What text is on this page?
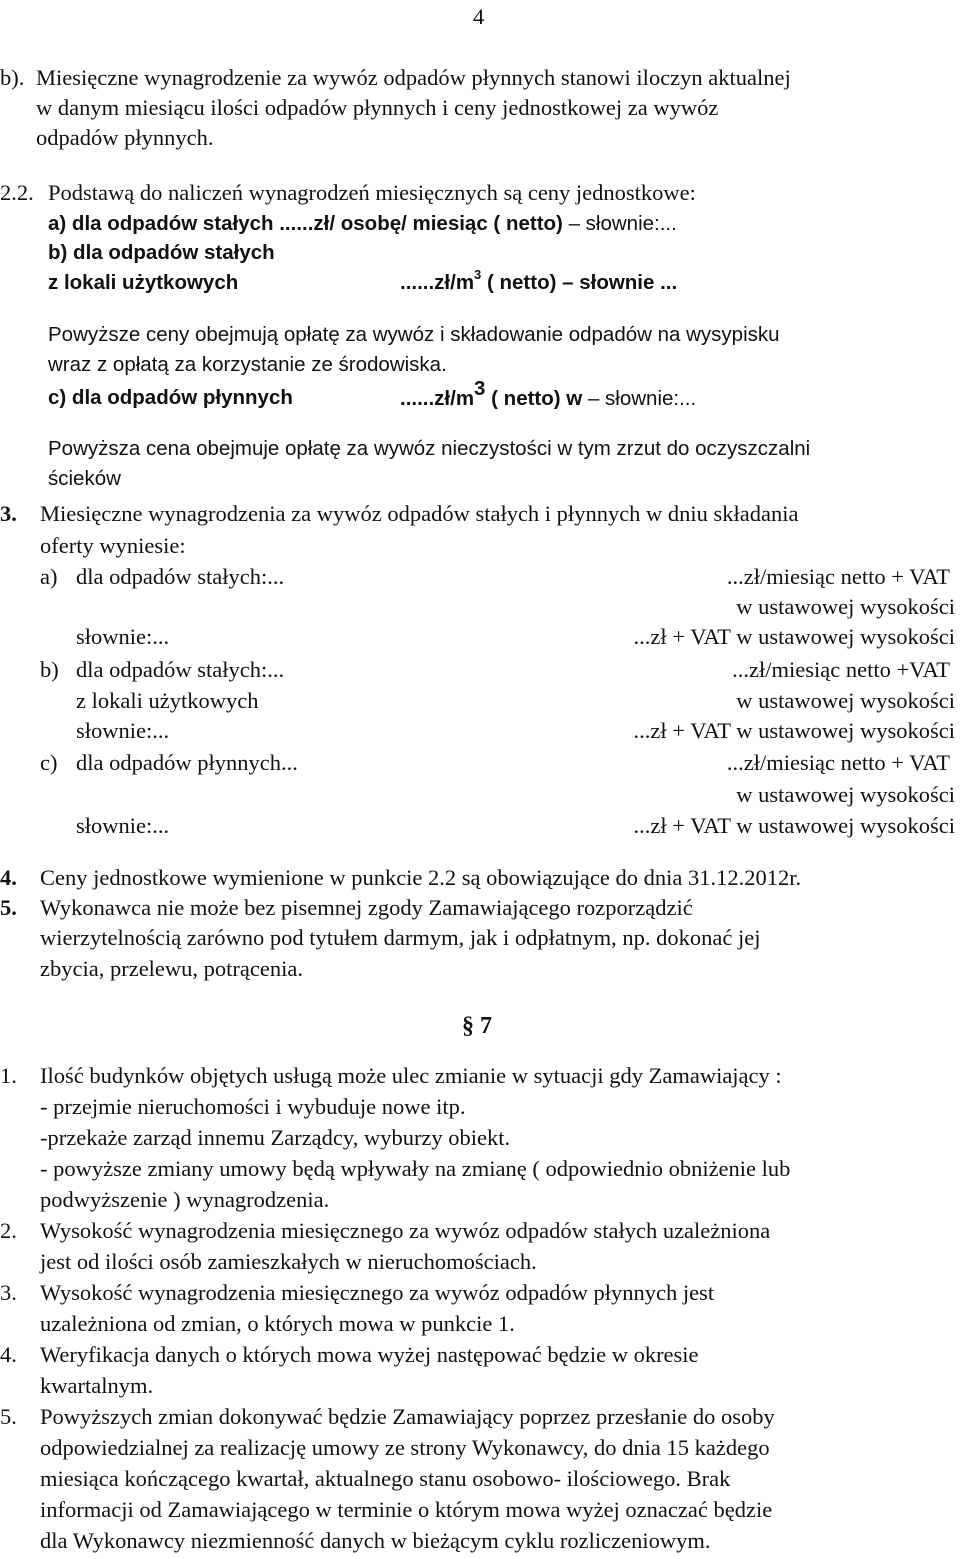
4
b). Miesięczne wynagrodzenie za wywóz odpadów płynnych stanowi iloczyn aktualnej
w danym miesiącu ilości odpadów płynnych i ceny jednostkowej za wywóz
odpadów płynnych.
2.2. Podstawą do naliczeń wynagrodzeń miesięcznych są ceny jednostkowe:
a) dla odpadów stałych ......zł/ osobę/ miesiąc ( netto) – słownie:...
b) dla odpadów stałych
z lokali użytkowych	$......zł/m^3$ ( netto) – słownie ...
Powyższe ceny obejmują opłatę za wywóz i składowanie odpadów na wysypisku
wraz z opłatą za korzystanie ze środowiska.
c) dla odpadów płynnych	$......zł/m^3$ ( netto) w – słownie:...
Powyższa cena obejmuje opłatę za wywóz nieczystości w tym zrzut do oczyszczalni
ścieków
3. Miesięczne wynagrodzenia za wywóz odpadów stałych i płynnych w dniu składania
oferty wyniesie:
a) dla odpadów stałych:...	...zł/miesiąc netto + VAT
w ustawowej wysokości
słownie:...	...zł + VAT w ustawowej wysokości
b) dla odpadów stałych:...	...zł/miesiąc netto +VAT
z lokali użytkowych	w ustawowej wysokości
słownie:...	...zł + VAT w ustawowej wysokości
c) dla odpadów płynnych...	...zł/miesiąc netto + VAT
w ustawowej wysokości
słownie:...	...zł + VAT w ustawowej wysokości
4. Ceny jednostkowe wymienione w punkcie 2.2 są obowiązujące do dnia 31.12.2012r.
5. Wykonawca nie może bez pisemnej zgody Zamawiającego rozporządzić
wierzytelnością zarówno pod tytułem darmym, jak i odpłatnym, np. dokonać jej
zbycia, przelewu, potrącenia.
§ 7
1. Ilość budynków objętych usługą może ulec zmianie w sytuacji gdy Zamawiający :
- przejmie nieruchomości i wybuduje nowe itp.
-przekaże zarząd innemu Zarządcy, wyburzy obiekt.
- powyższe zmiany umowy będą wpływały na zmianę ( odpowiednio obniżenie lub
podwyższenie ) wynagrodzenia.
2. Wysokość wynagrodzenia miesięcznego za wywóz odpadów stałych uzależniona
jest od ilości osób zamieszkałych w nieruchomościach.
3. Wysokość wynagrodzenia miesięcznego za wywóz odpadów płynnych jest
uzależniona od zmian, o których mowa w punkcie 1.
4. Weryfikacja danych o których mowa wyżej następować będzie w okresie
kwartalnym.
5. Powyższych zmian dokonywać będzie Zamawiający poprzez przesłanie do osoby
odpowiedzialnej za realizację umowy ze strony Wykonawcy, do dnia 15 każdego
miesiąca kończącego kwartał, aktualnego stanu osobowo- ilościowego. Brak
informacji od Zamawiającego w terminie o którym mowa wyżej oznaczać będzie
dla Wykonawcy niezmienność danych w bieżącym cyklu rozliczeniowym.
